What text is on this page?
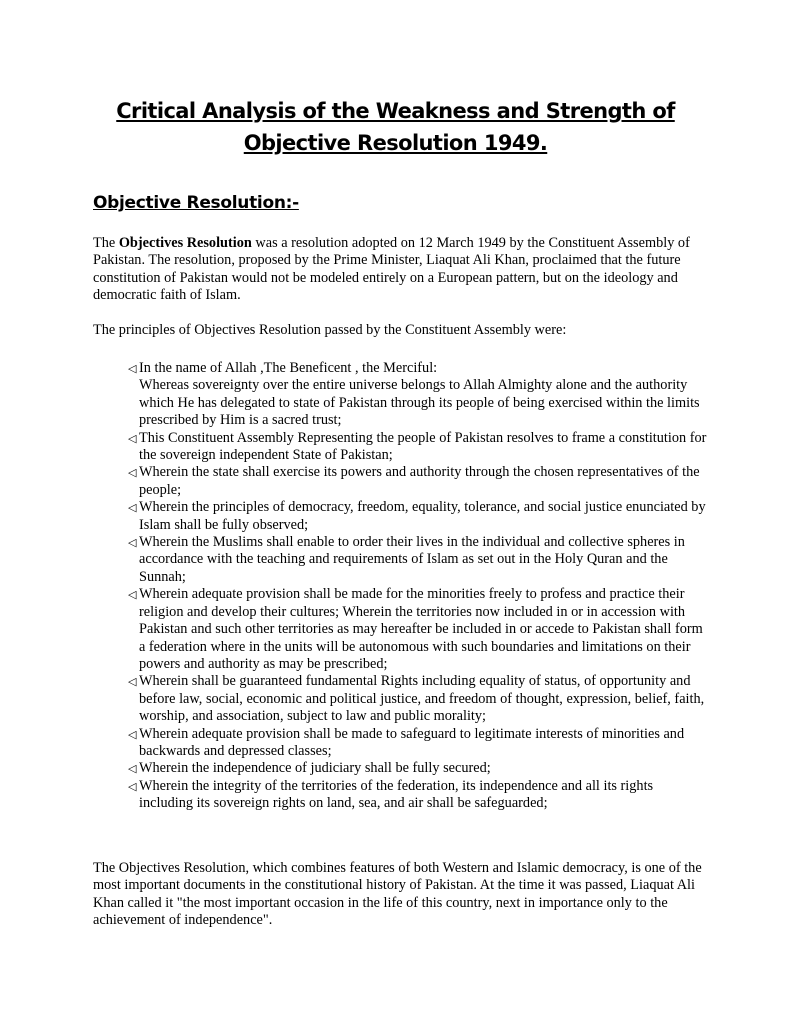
Critical Analysis of the Weakness and Strength of
Objective Resolution 1949.
Objective Resolution:-

The Objectives Resolution was a resolution adopted on 12 March 1949 by the Constituent Assembly of Pakistan. The resolution, proposed by the Prime Minister, Liaquat Ali Khan, proclaimed that the future constitution of Pakistan would not be modeled entirely on a European pattern, but on the ideology and democratic faith of Islam.

The principles of Objectives Resolution passed by the Constituent Assembly were:

◁ In the name of Allah ,The Beneficent , the Merciful:
Whereas sovereignty over the entire universe belongs to Allah Almighty alone and the authority which He has delegated to state of Pakistan through its people of being exercised within the limits prescribed by Him is a sacred trust;
◁ This Constituent Assembly Representing the people of Pakistan resolves to frame a constitution for the sovereign independent State of Pakistan;
◁ Wherein the state shall exercise its powers and authority through the chosen representatives of the people;
◁ Wherein the principles of democracy, freedom, equality, tolerance, and social justice enunciated by Islam shall be fully observed;
◁ Wherein the Muslims shall enable to order their lives in the individual and collective spheres in accordance with the teaching and requirements of Islam as set out in the Holy Quran and the Sunnah;
◁ Wherein adequate provision shall be made for the minorities freely to profess and practice their religion and develop their cultures; Wherein the territories now included in or in accession with Pakistan and such other territories as may hereafter be included in or accede to Pakistan shall form a federation where in the units will be autonomous with such boundaries and limitations on their powers and authority as may be prescribed;
◁ Wherein shall be guaranteed fundamental Rights including equality of status, of opportunity and before law, social, economic and political justice, and freedom of thought, expression, belief, faith, worship, and association, subject to law and public morality;
◁ Wherein adequate provision shall be made to safeguard to legitimate interests of minorities and backwards and depressed classes;
◁ Wherein the independence of judiciary shall be fully secured;
◁ Wherein the integrity of the territories of the federation, its independence and all its rights including its sovereign rights on land, sea, and air shall be safeguarded;

The Objectives Resolution, which combines features of both Western and Islamic democracy, is one of the most important documents in the constitutional history of Pakistan. At the time it was passed, Liaquat Ali Khan called it "the most important occasion in the life of this country, next in importance only to the achievement of independence".
